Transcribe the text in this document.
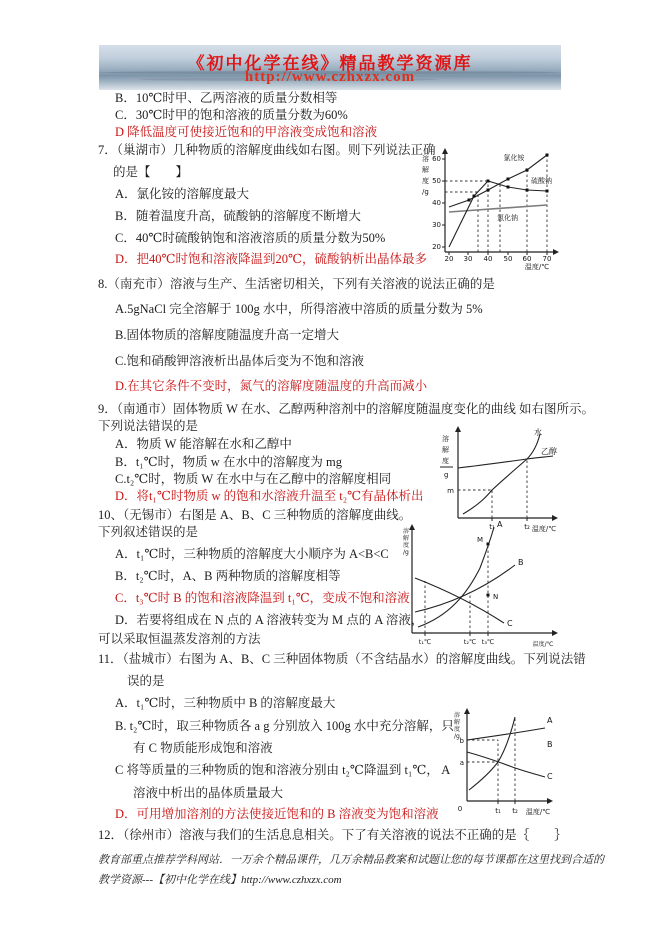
《初中化学在线》精品教学资源库
http://www.czhxzx.com
B．10℃时甲、乙两溶液的质量分数相等
C．30℃时甲的饱和溶液的质量分数为60%
D 降低温度可使接近饱和的甲溶液变成饱和溶液
7．（巢湖市）几种物质的溶解度曲线如右图。则下列说法正确
的是【　　】
A．氯化铵的溶解度最大
B．随着温度升高，硫酸钠的溶解度不断增大
C．40℃时硫酸钠饱和溶液溶质的质量分数为50%
D．把40℃时饱和溶液降温到20℃，硫酸钠析出晶体最多
8.（南充市）溶液与生产、生活密切相关，下列有关溶液的说法正确的是
A.5gNaCl 完全溶解于 100g 水中，所得溶液中溶质的质量分数为 5%
B.固体物质的溶解度随温度升高一定增大
C.饱和硝酸钾溶液析出晶体后变为不饱和溶液
D.在其它条件不变时，氮气的溶解度随温度的升高而减小
9．（南通市）固体物质 W 在水、乙醇两种溶剂中的溶解度随温度变化的曲线 如右图所示。
下列说法错误的是
A．物质 W 能溶解在水和乙醇中
B．t₁℃时，物质 w 在水中的溶解度为 mg
C.t₂℃时，物质 W 在水中与在乙醇中的溶解度相同
D．将t₁℃时物质 w 的饱和水溶液升温至 t₂℃有晶体析出
10、（无锡市）右图是 A、B、C 三种物质的溶解度曲线。
下列叙述错误的是
A．t₁℃时，三种物质的溶解度大小顺序为 A<B<C
B．t₂℃时，A、B 两种物质的溶解度相等
C．t₃℃时 B 的饱和溶液降温到 t₁℃，变成不饱和溶液
D．若要将组成在 N 点的 A 溶液转变为 M 点的 A 溶液，
可以采取恒温蒸发溶剂的方法
11．（盐城市）右图为 A、B、C 三种固体物质（不含结晶水）的溶解度曲线。下列说法错
误的是
A．t₁℃时，三种物质中 B 的溶解度最大
B. t₂℃时，取三种物质各 a g 分别放入 100g 水中充分溶解，只
有 C 物质能形成饱和溶液
C 将等质量的三种物质的饱和溶液分别由 t₂℃降温到 t₁℃， A
溶液中析出的晶体质量最大
D．可用增加溶剂的方法使接近饱和的 B 溶液变为饱和溶液
12．（徐州市）溶液与我们的生活息息相关。下了有关溶液的说法不正确的是｛　　｝
教育部重点推荐学科网站．一万余个精品课件，几万余精品教案和试题让您的每节课都在这里找到合适的
教学资源---【初中化学在线】http://www.czhxzx.com
60
50
40
30
20
溶
解
度
/g
20 30 40 50 60 70
温度/℃
氯化铵
硫酸钠
氯化钠
溶
解
度
g
m
水
乙醇
t₁	t₂ 温度/℃
溶
解
度
/g
M
N
A
B
C
t₁℃	t₂℃ t₃℃	温度/℃
溶
解
度
/g
b
a
0
A
B
C
t₁ t₂ 温度/℃
